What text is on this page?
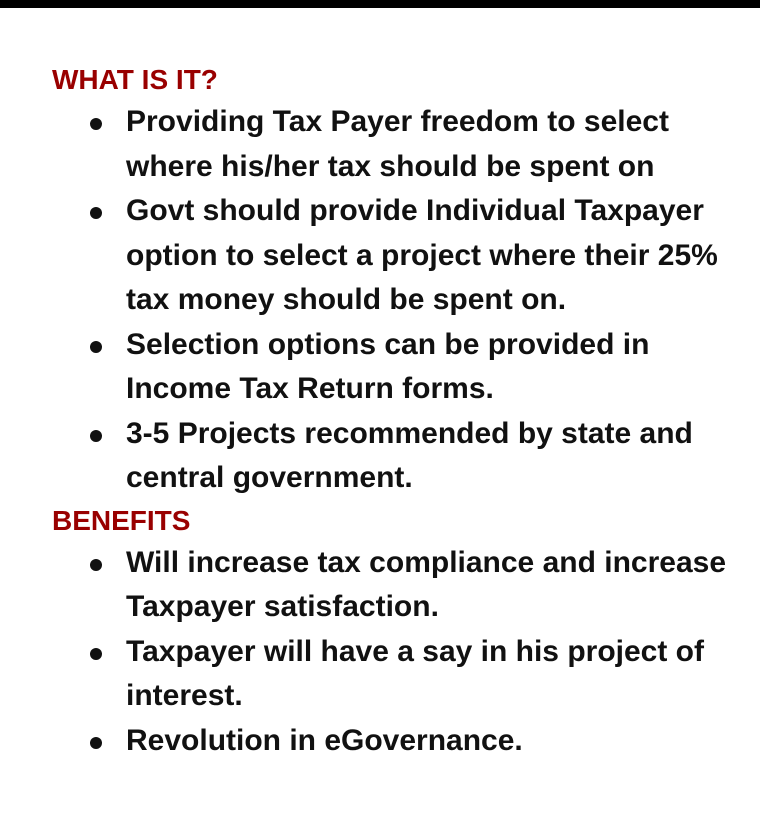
WHAT IS IT?
Providing Tax Payer freedom to select where his/her tax should be spent on
Govt should provide Individual Taxpayer option to select a project where their 25% tax money should be spent on.
Selection options can be provided in Income Tax Return forms.
3-5 Projects recommended by state and central government.
BENEFITS
Will increase tax compliance and increase Taxpayer satisfaction.
Taxpayer will have a say in his project of interest.
Revolution in eGovernance.
